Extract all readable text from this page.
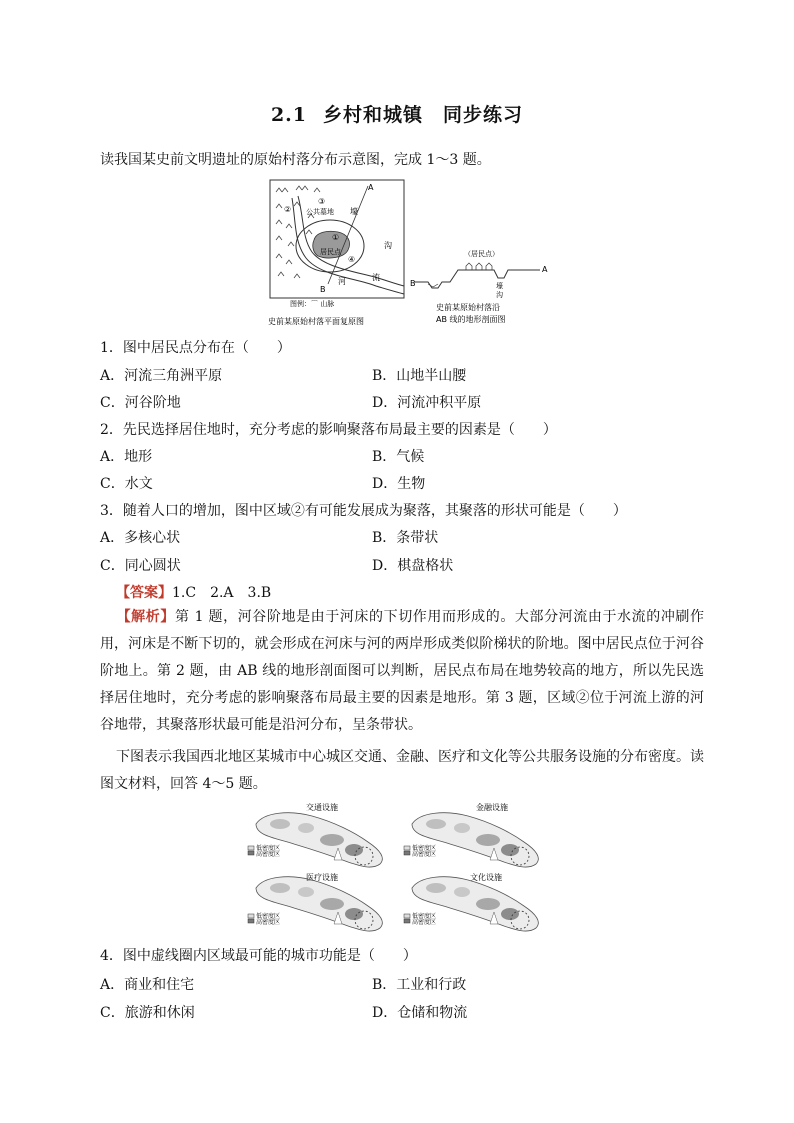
2.1 乡村和城镇　同步练习
读我国某史前文明遗址的原始村落分布示意图，完成 1～3 题。
A
B
③
公共墓地
②
①
居民点
④
壕
沟
河	流
图例：⌒ 山脉
史前某原始村落平面复原图
B
A
（居民点）
壕
沟
史前某原始村落沿
AB 线的地形剖面图
1．图中居民点分布在（　　）
A．河流三角洲平原	B．山地半山腰
C．河谷阶地	D．河流冲积平原
2．先民选择居住地时，充分考虑的影响聚落布局最主要的因素是（　　）
A．地形	B．气候
C．水文	D．生物
3．随着人口的增加，图中区域②有可能发展成为聚落，其聚落的形状可能是（　　）
A．多核心状	B．条带状
C．同心圆状	D．棋盘格状
【答案】1.C　2.A　3.B
【解析】第 1 题，河谷阶地是由于河床的下切作用而形成的。大部分河流由于水流的冲刷作用，河床是不断下切的，就会形成在河床与河的两岸形成类似阶梯状的阶地。图中居民点位于河谷阶地上。第 2 题，由 AB 线的地形剖面图可以判断，居民点布局在地势较高的地方，所以先民选择居住地时，充分考虑的影响聚落布局最主要的因素是地形。第 3 题，区域②位于河流上游的河谷地带，其聚落形状最可能是沿河分布，呈条带状。
下图表示我国西北地区某城市中心城区交通、金融、医疗和文化等公共服务设施的分布密度。读图文材料，回答 4～5 题。
交通设施
低密度区
高密度区
金融设施
低密度区
高密度区
医疗设施
低密度区
高密度区
文化设施
低密度区
高密度区
4．图中虚线圈内区域最可能的城市功能是（　　）
A．商业和住宅	B．工业和行政
C．旅游和休闲	D．仓储和物流
